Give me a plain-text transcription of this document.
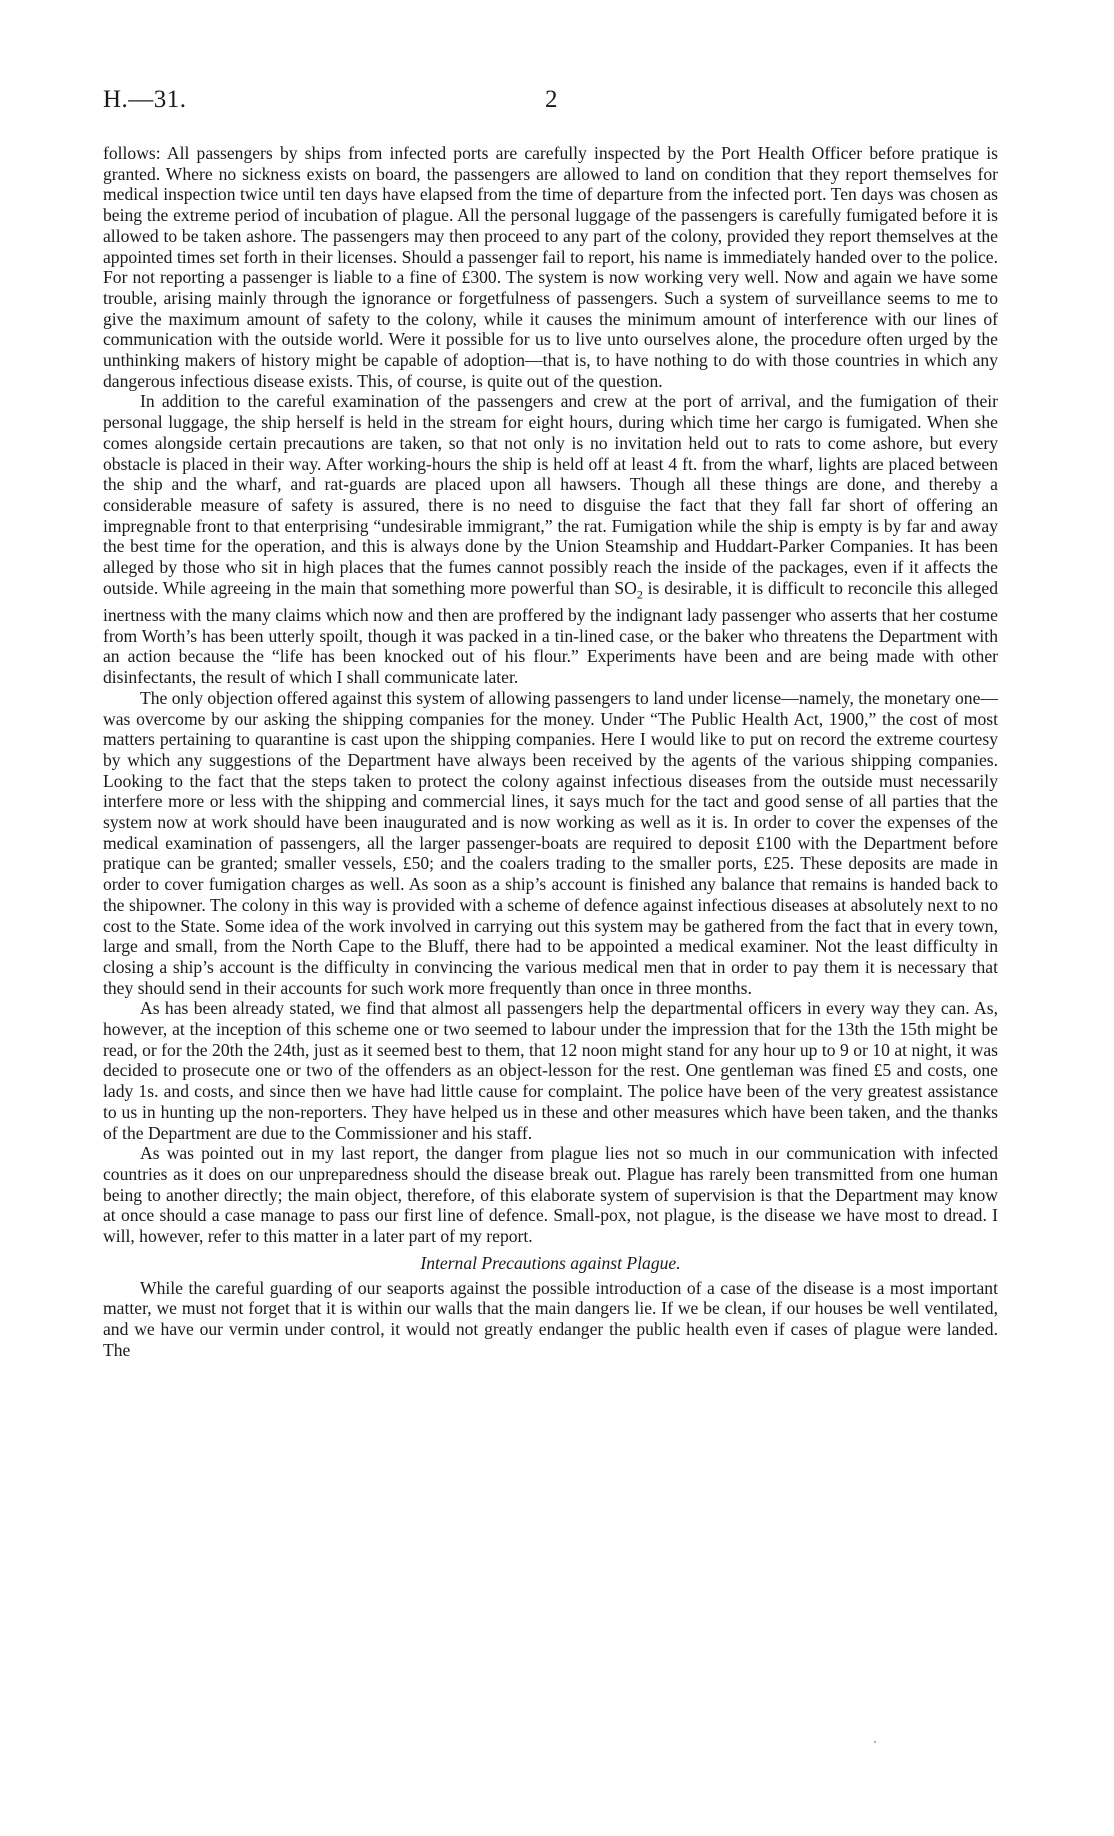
H.—31.	2

follows: All passengers by ships from infected ports are carefully inspected by the Port Health Officer before pratique is granted. Where no sickness exists on board, the passengers are allowed to land on condition that they report themselves for medical inspection twice until ten days have elapsed from the time of departure from the infected port. Ten days was chosen as being the extreme period of incubation of plague. All the personal luggage of the passengers is carefully fumigated before it is allowed to be taken ashore. The passengers may then proceed to any part of the colony, provided they report themselves at the appointed times set forth in their licenses. Should a passenger fail to report, his name is immediately handed over to the police. For not reporting a passenger is liable to a fine of £300. The system is now working very well. Now and again we have some trouble, arising mainly through the ignorance or forgetfulness of passengers. Such a system of surveillance seems to me to give the maximum amount of safety to the colony, while it causes the minimum amount of interference with our lines of communication with the outside world. Were it possible for us to live unto ourselves alone, the procedure often urged by the unthinking makers of history might be capable of adoption—that is, to have nothing to do with those countries in which any dangerous infectious disease exists. This, of course, is quite out of the question.

In addition to the careful examination of the passengers and crew at the port of arrival, and the fumigation of their personal luggage, the ship herself is held in the stream for eight hours, during which time her cargo is fumigated. When she comes alongside certain precautions are taken, so that not only is no invitation held out to rats to come ashore, but every obstacle is placed in their way. After working-hours the ship is held off at least 4 ft. from the wharf, lights are placed between the ship and the wharf, and rat-guards are placed upon all hawsers. Though all these things are done, and thereby a considerable measure of safety is assured, there is no need to disguise the fact that they fall far short of offering an impregnable front to that enterprising “undesirable immigrant,” the rat. Fumigation while the ship is empty is by far and away the best time for the operation, and this is always done by the Union Steamship and Huddart-Parker Companies. It has been alleged by those who sit in high places that the fumes cannot possibly reach the inside of the packages, even if it affects the outside. While agreeing in the main that something more powerful than $SO_2$ is desirable, it is difficult to reconcile this alleged inertness with the many claims which now and then are proffered by the indignant lady passenger who asserts that her costume from Worth’s has been utterly spoilt, though it was packed in a tin-lined case, or the baker who threatens the Department with an action because the “life has been knocked out of his flour.” Experiments have been and are being made with other disinfectants, the result of which I shall communicate later.

The only objection offered against this system of allowing passengers to land under license—namely, the monetary one—was overcome by our asking the shipping companies for the money. Under “The Public Health Act, 1900,” the cost of most matters pertaining to quarantine is cast upon the shipping companies. Here I would like to put on record the extreme courtesy by which any suggestions of the Department have always been received by the agents of the various shipping companies. Looking to the fact that the steps taken to protect the colony against infectious diseases from the outside must necessarily interfere more or less with the shipping and commercial lines, it says much for the tact and good sense of all parties that the system now at work should have been inaugurated and is now working as well as it is. In order to cover the expenses of the medical examination of passengers, all the larger passenger-boats are required to deposit £100 with the Department before pratique can be granted; smaller vessels, £50; and the coalers trading to the smaller ports, £25. These deposits are made in order to cover fumigation charges as well. As soon as a ship’s account is finished any balance that remains is handed back to the shipowner. The colony in this way is provided with a scheme of defence against infectious diseases at absolutely next to no cost to the State. Some idea of the work involved in carrying out this system may be gathered from the fact that in every town, large and small, from the North Cape to the Bluff, there had to be appointed a medical examiner. Not the least difficulty in closing a ship’s account is the difficulty in convincing the various medical men that in order to pay them it is necessary that they should send in their accounts for such work more frequently than once in three months.

As has been already stated, we find that almost all passengers help the departmental officers in every way they can. As, however, at the inception of this scheme one or two seemed to labour under the impression that for the 13th the 15th might be read, or for the 20th the 24th, just as it seemed best to them, that 12 noon might stand for any hour up to 9 or 10 at night, it was decided to prosecute one or two of the offenders as an object-lesson for the rest. One gentleman was fined £5 and costs, one lady 1s. and costs, and since then we have had little cause for complaint. The police have been of the very greatest assistance to us in hunting up the non-reporters. They have helped us in these and other measures which have been taken, and the thanks of the Department are due to the Commissioner and his staff.

As was pointed out in my last report, the danger from plague lies not so much in our communication with infected countries as it does on our unpreparedness should the disease break out. Plague has rarely been transmitted from one human being to another directly; the main object, therefore, of this elaborate system of supervision is that the Department may know at once should a case manage to pass our first line of defence. Small-pox, not plague, is the disease we have most to dread. I will, however, refer to this matter in a later part of my report.

Internal Precautions against Plague.

While the careful guarding of our seaports against the possible introduction of a case of the disease is a most important matter, we must not forget that it is within our walls that the main dangers lie. If we be clean, if our houses be well ventilated, and we have our vermin under control, it would not greatly endanger the public health even if cases of plague were landed. The
